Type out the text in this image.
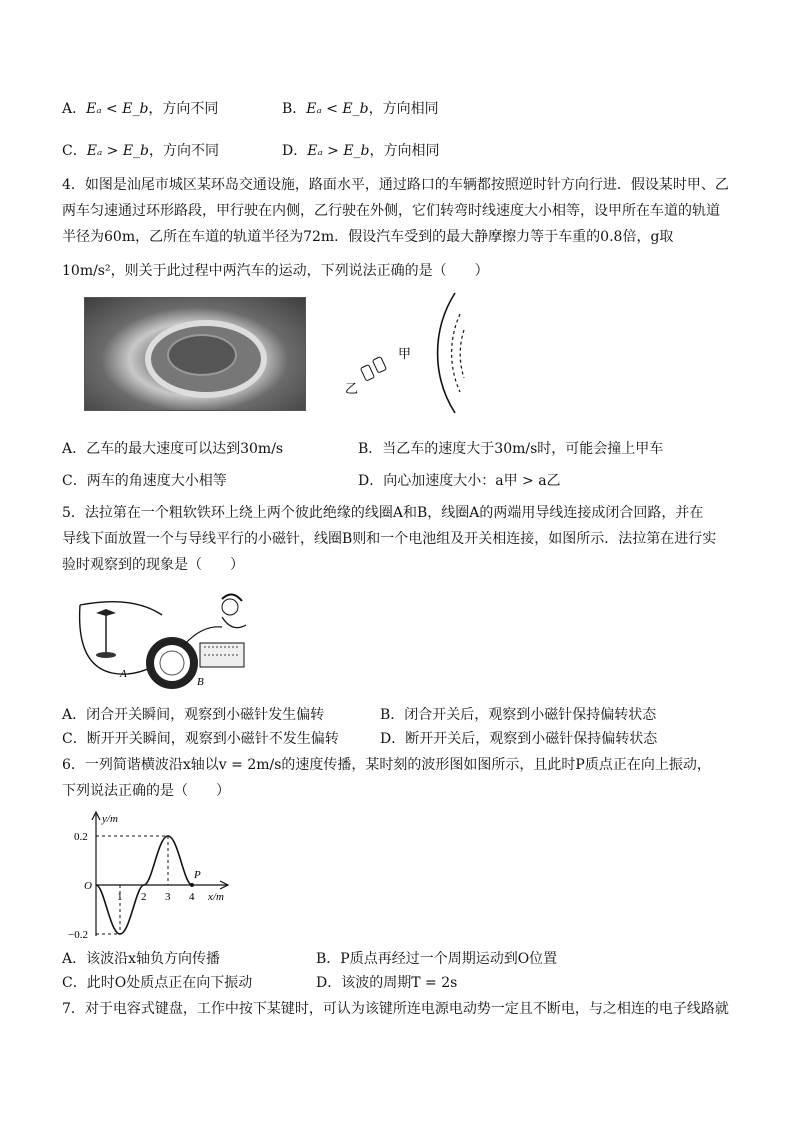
A．Eₐ < E_b，方向不同	B．Eₐ < E_b，方向相同
C．Eₐ > E_b，方向不同	D．Eₐ > E_b，方向相同
4．如图是汕尾市城区某环岛交通设施，路面水平，通过路口的车辆都按照逆时针方向行进．假设某时甲、乙
两车匀速通过环形路段，甲行驶在内侧，乙行驶在外侧，它们转弯时线速度大小相等，设甲所在车道的轨道
半径为60m，乙所在车道的轨道半径为72m．假设汽车受到的最大静摩擦力等于车重的0.8倍，g取
10m/s²，则关于此过程中两汽车的运动，下列说法正确的是（　　）
甲
乙
A．乙车的最大速度可以达到30m/s	B．当乙车的速度大于30m/s时，可能会撞上甲车
C．两车的角速度大小相等	D．向心加速度大小：a甲 > a乙
5．法拉第在一个粗软铁环上绕上两个彼此绝缘的线圈A和B，线圈A的两端用导线连接成闭合回路，并在
导线下面放置一个与导线平行的小磁针，线圈B则和一个电池组及开关相连接，如图所示．法拉第在进行实
验时观察到的现象是（　　）
A
B
A．闭合开关瞬间，观察到小磁针发生偏转	B．闭合开关后，观察到小磁针保持偏转状态
C．断开开关瞬间，观察到小磁针不发生偏转	D．断开开关后，观察到小磁针保持偏转状态
6．一列简谐横波沿x轴以v = 2m/s的速度传播，某时刻的波形图如图所示，且此时P质点正在向上振动，
下列说法正确的是（　　）
y/m
x/m
0.2
O
−0.2
1 2 3 4
P
A．该波沿x轴负方向传播	B．P质点再经过一个周期运动到O位置
C．此时O处质点正在向下振动	D．该波的周期T = 2s
7．对于电容式键盘，工作中按下某键时，可认为该键所连电源电动势一定且不断电，与之相连的电子线路就
